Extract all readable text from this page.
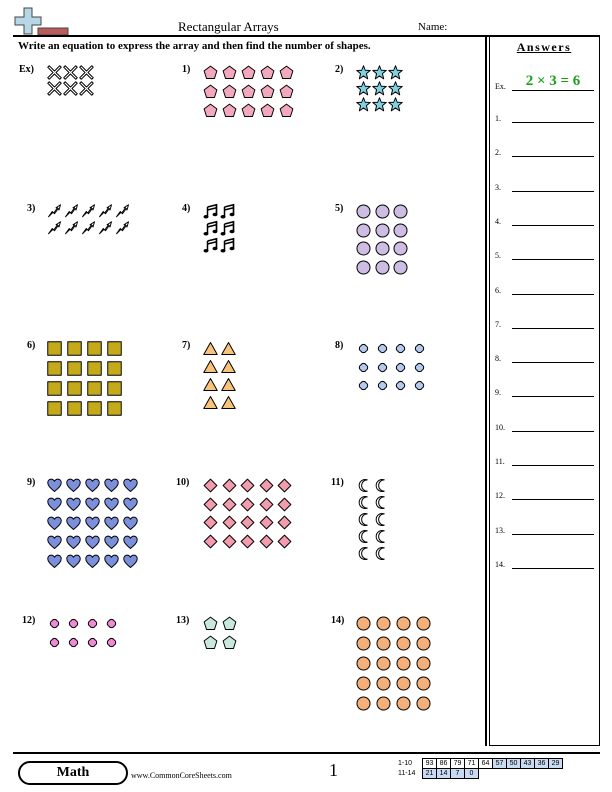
Rectangular Arrays	Name:
Write an equation to express the array and then find the number of shapes.	Answers
Ex.	2 × 3 = 6
1.
2.
3.
4.
5.
6.
7.
8.
9.
10.
11.
12.
13.
14.
Ex)	1)	2)
3)	4)	5)
6)	7)	8)
9)	10)	11)
12)	13)	14)
Math	www.CommonCoreSheets.com	1	1-10	93	86	79	71	64	57	50	43	36	29
11-14	21	14	7	0						
